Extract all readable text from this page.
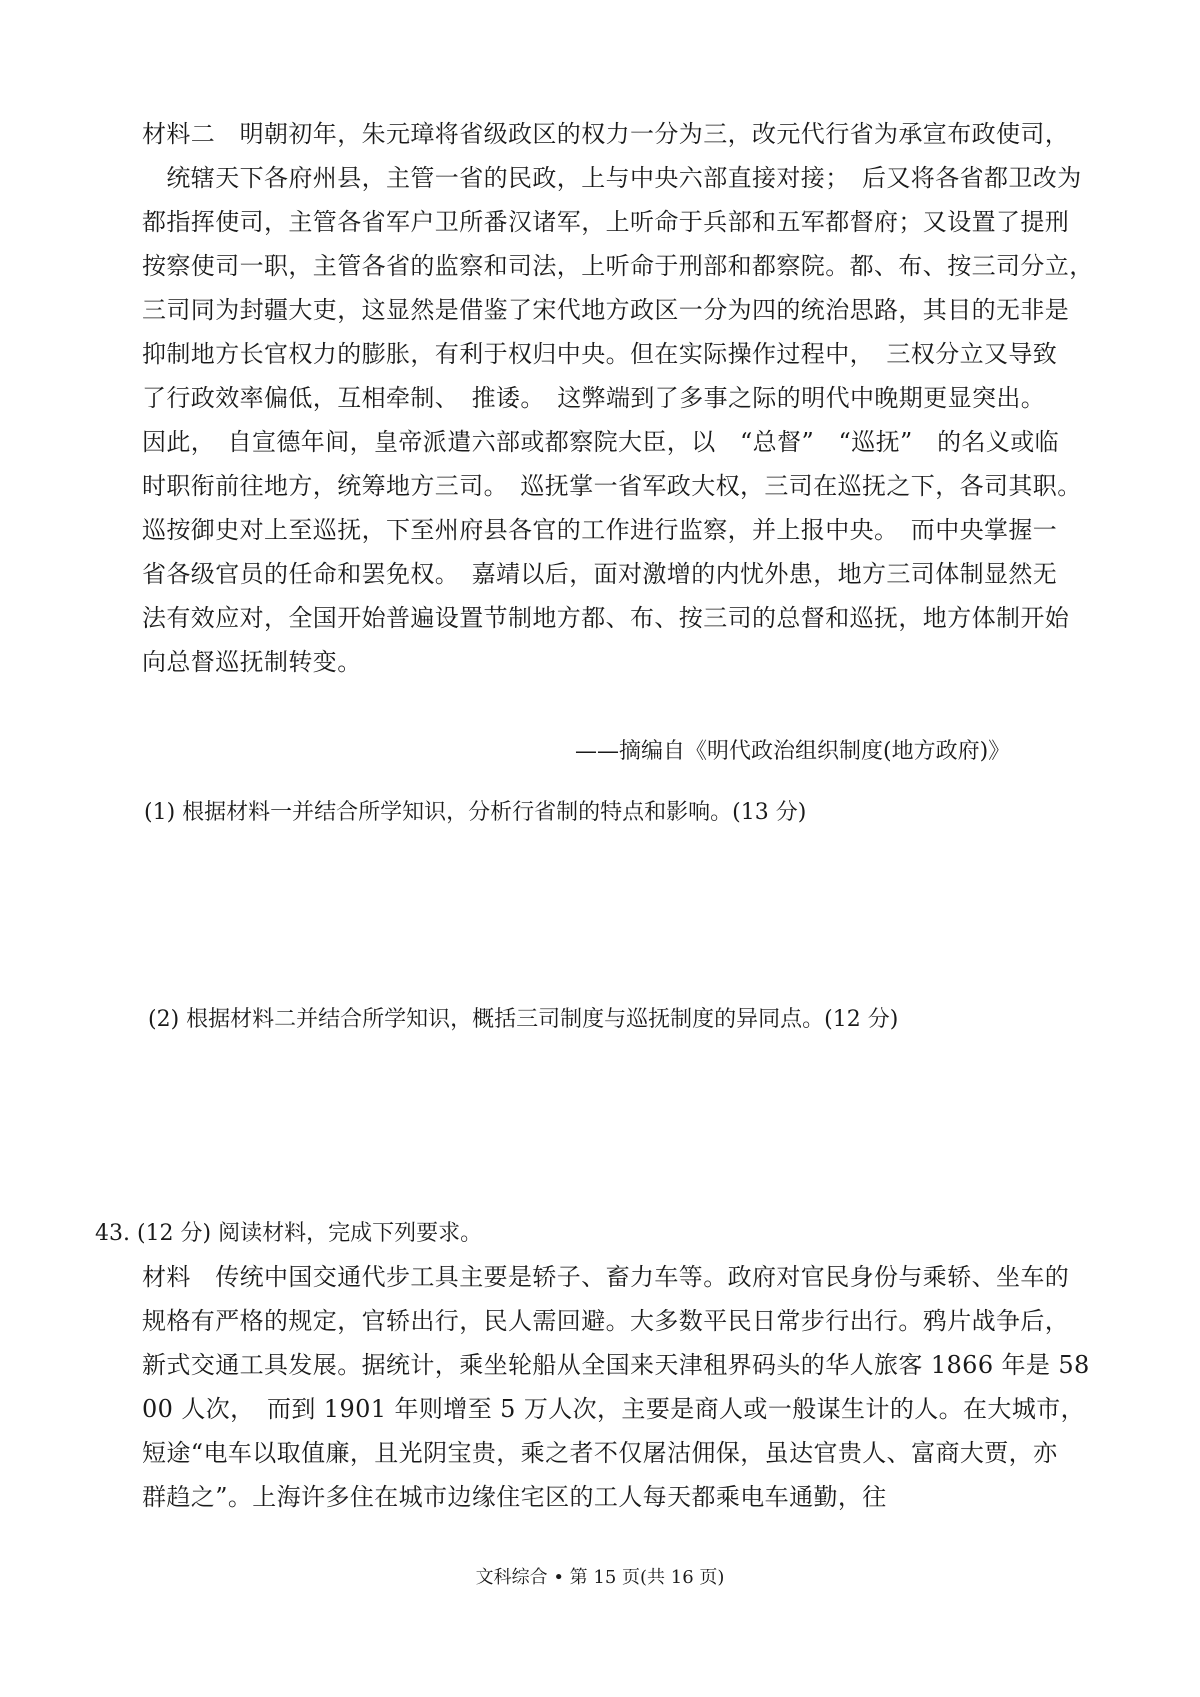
材料二　明朝初年，朱元璋将省级政区的权力一分为三，改元代行省为承宣布政使司，
　统辖天下各府州县，主管一省的民政，上与中央六部直接对接；　后又将各省都卫改为
都指挥使司，主管各省军户卫所番汉诸军，上听命于兵部和五军都督府；又设置了提刑
按察使司一职，主管各省的监察和司法，上听命于刑部和都察院。都、布、按三司分立，
三司同为封疆大吏，这显然是借鉴了宋代地方政区一分为四的统治思路，其目的无非是
抑制地方长官权力的膨胀，有利于权归中央。但在实际操作过程中，　三权分立又导致
了行政效率偏低，互相牵制、　推诿。　这弊端到了多事之际的明代中晚期更显突出。
因此，　自宣德年间，皇帝派遣六部或都察院大臣，以　“总督”　“巡抚”　的名义或临
时职衔前往地方，统筹地方三司。　巡抚掌一省军政大权，三司在巡抚之下，各司其职。
巡按御史对上至巡抚，下至州府县各官的工作进行监察，并上报中央。　而中央掌握一
省各级官员的任命和罢免权。　嘉靖以后，面对激增的内忧外患，地方三司体制显然无
法有效应对，全国开始普遍设置节制地方都、布、按三司的总督和巡抚，地方体制开始
向总督巡抚制转变。
——摘编自《明代政治组织制度(地方政府)》
(1) 根据材料一并结合所学知识，分析行省制的特点和影响。(13 分)
(2) 根据材料二并结合所学知识，概括三司制度与巡抚制度的异同点。(12 分)
43. (12 分) 阅读材料，完成下列要求。
材料　传统中国交通代步工具主要是轿子、畜力车等。政府对官民身份与乘轿、坐车的
规格有严格的规定，官轿出行，民人需回避。大多数平民日常步行出行。鸦片战争后，
新式交通工具发展。据统计，乘坐轮船从全国来天津租界码头的华人旅客 1866 年是 58
00 人次，　而到 1901 年则增至 5 万人次，主要是商人或一般谋生计的人。在大城市，
短途“电车以取值廉，且光阴宝贵，乘之者不仅屠沽佣保，虽达官贵人、富商大贾，亦
群趋之”。上海许多住在城市边缘住宅区的工人每天都乘电车通勤，往
文科综合 • 第 15 页(共 16 页)
